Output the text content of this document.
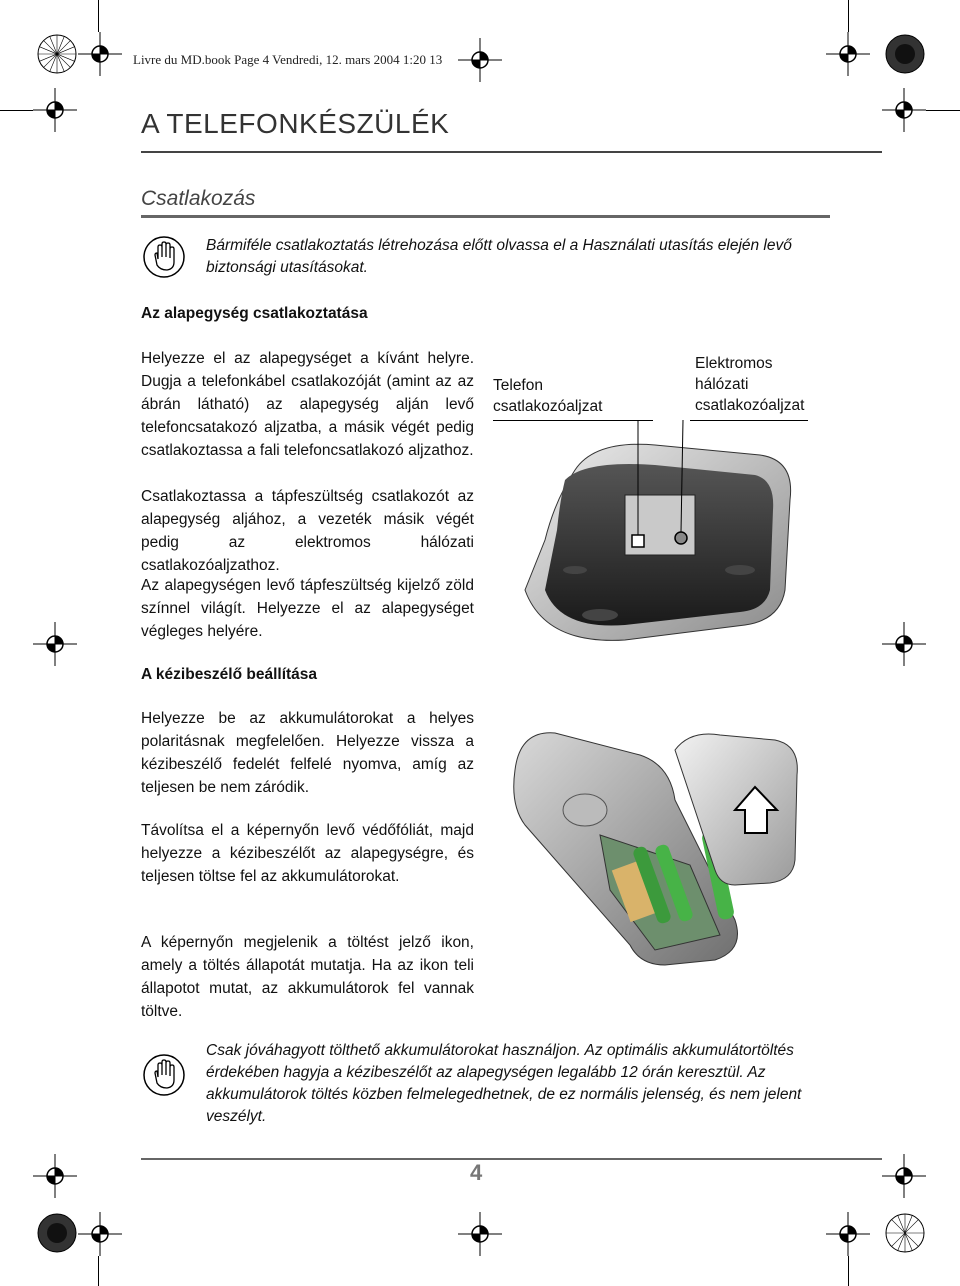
Livre du MD.book Page 4 Vendredi, 12. mars 2004 1:20 13
A TELEFONKÉSZÜLÉK
Csatlakozás
Bármiféle csatlakoztatás létrehozása előtt olvassa el a Használati utasítás elején levő biztonsági utasításokat.
Az alapegység csatlakoztatása
Helyezze el az alapegységet a kívánt helyre. Dugja a telefonkábel csatlakozóját (amint az az ábrán látható) az alapegység alján levő telefoncsatakozó aljzatba, a másik végét pedig csatlakoztassa a fali telefoncsatlakozó aljzathoz.
Csatlakoztassa a tápfeszültség csatlakozót az alapegység aljához, a vezeték másik végét pedig az elektromos hálózati csatlakozóaljzathoz.
Az alapegységen levő tápfeszültség kijelző zöld színnel világít. Helyezze el az alapegységet végleges helyére.
Telefon csatlakozóaljzat
Elektromos hálózati csatlakozóaljzat
A kézibeszélő beállítása
Helyezze be az akkumulátorokat a helyes polaritásnak megfelelően. Helyezze vissza a kézibeszélő fedelét felfelé nyomva, amíg az teljesen be nem záródik.
Távolítsa el a képernyőn levő védőfóliát, majd helyezze a kézibeszélőt az alapegységre, és teljesen töltse fel az akkumulátorokat.
A képernyőn megjelenik a töltést jelző ikon, amely a töltés állapotát mutatja. Ha az ikon teli állapotot mutat, az akkumulátorok fel vannak töltve.
Csak jóváhagyott tölthető akkumulátorokat használjon. Az optimális akkumulátortöltés érdekében hagyja a kézibeszélőt az alapegységen legalább 12 órán keresztül. Az akkumulátorok töltés közben felmelegedhetnek, de ez normális jelenség, és nem jelent veszélyt.
4
